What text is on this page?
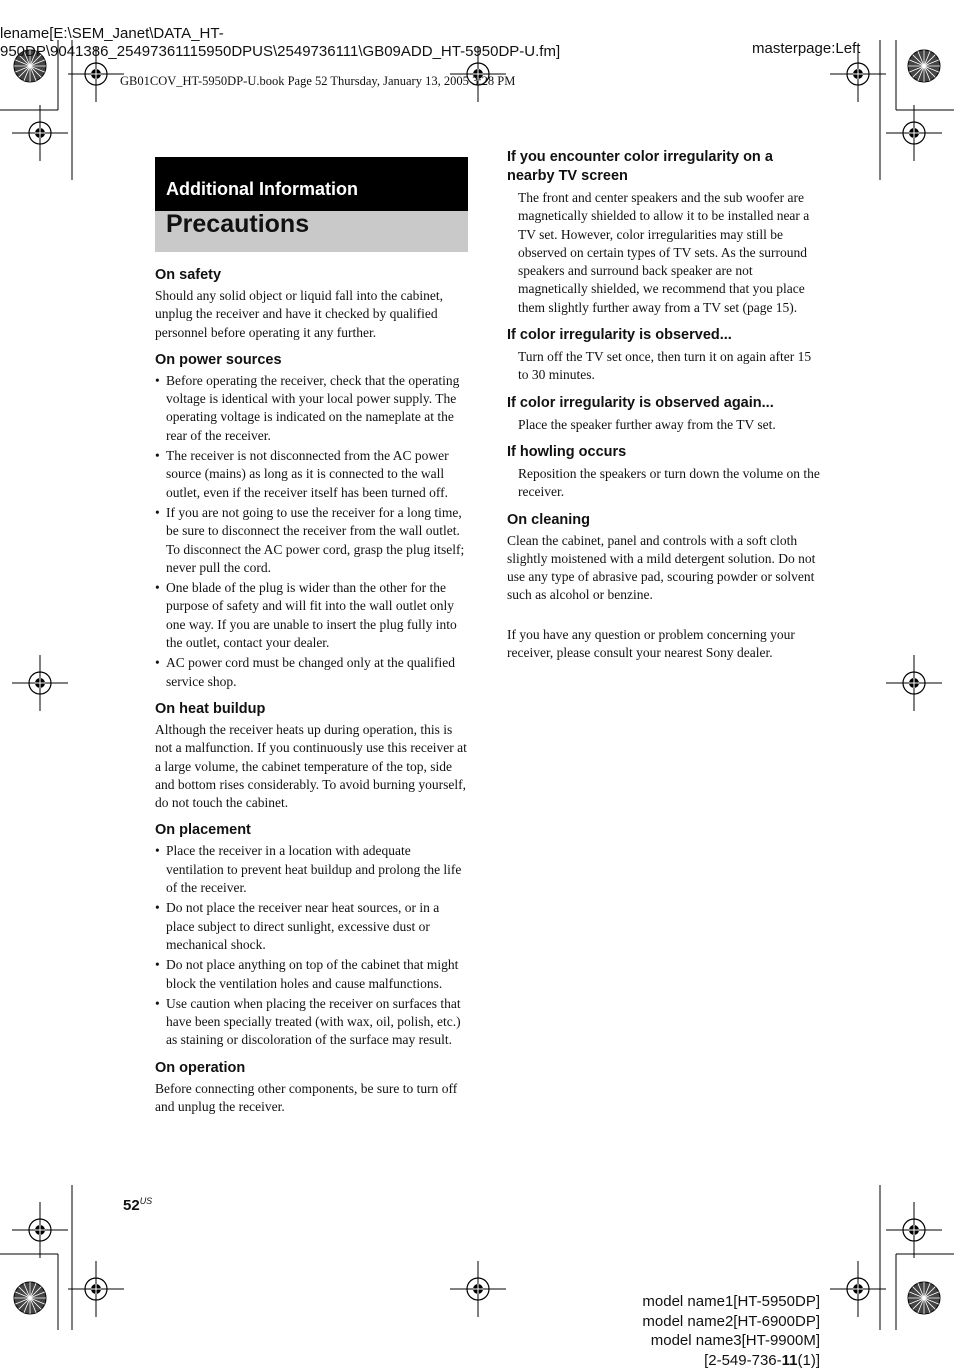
lename[E:\SEM_Janet\DATA_HT-
950DP\9041386_25497361115950DPUS\2549736111\GB09ADD_HT-5950DP-U.fm]	masterpage:Left
GB01COV_HT-5950DP-U.book Page 52 Thursday, January 13, 2005 3:28 PM
Additional Information
Precautions
On safety

Should any solid object or liquid fall into the cabinet, unplug the receiver and have it checked by qualified personnel before operating it any further.

On power sources
• Before operating the receiver, check that the operating voltage is identical with your local power supply. The operating voltage is indicated on the nameplate at the rear of the receiver.
• The receiver is not disconnected from the AC power source (mains) as long as it is connected to the wall outlet, even if the receiver itself has been turned off.
• If you are not going to use the receiver for a long time, be sure to disconnect the receiver from the wall outlet. To disconnect the AC power cord, grasp the plug itself; never pull the cord.
• One blade of the plug is wider than the other for the purpose of safety and will fit into the wall outlet only one way. If you are unable to insert the plug fully into the outlet, contact your dealer.
• AC power cord must be changed only at the qualified service shop.
On heat buildup

Although the receiver heats up during operation, this is not a malfunction. If you continuously use this receiver at a large volume, the cabinet temperature of the top, side and bottom rises considerably. To avoid burning yourself, do not touch the cabinet.

On placement
• Place the receiver in a location with adequate ventilation to prevent heat buildup and prolong the life of the receiver.
• Do not place the receiver near heat sources, or in a place subject to direct sunlight, excessive dust or mechanical shock.
• Do not place anything on top of the cabinet that might block the ventilation holes and cause malfunctions.
• Use caution when placing the receiver on surfaces that have been specially treated (with wax, oil, polish, etc.) as staining or discoloration of the surface may result.
On operation

Before connecting other components, be sure to turn off and unplug the receiver.

If you encounter color irregularity on a nearby TV screen

The front and center speakers and the sub woofer are magnetically shielded to allow it to be installed near a TV set. However, color irregularities may still be observed on certain types of TV sets. As the surround speakers and surround back speaker are not magnetically shielded, we recommend that you place them slightly further away from a TV set (page 15).

If color irregularity is observed...

Turn off the TV set once, then turn it on again after 15 to 30 minutes.

If color irregularity is observed again...

Place the speaker further away from the TV set.

If howling occurs

Reposition the speakers or turn down the volume on the receiver.

On cleaning

Clean the cabinet, panel and controls with a soft cloth slightly moistened with a mild detergent solution. Do not use any type of abrasive pad, scouring powder or solvent such as alcohol or benzine.

If you have any question or problem concerning your receiver, please consult your nearest Sony dealer.

$52^{US}$
model name1[HT-5950DP]
model name2[HT-6900DP]
model name3[HT-9900M]
[2-549-736-11(1)]
